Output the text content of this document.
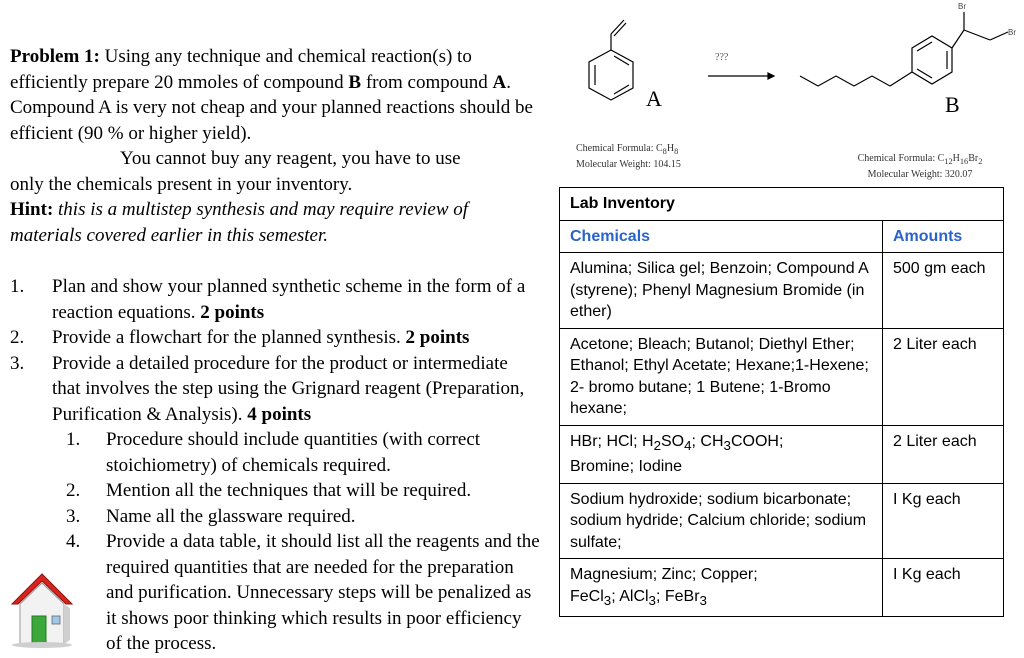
Problem 1: Using any technique and chemical reaction(s) to efficiently prepare 20 mmoles of compound B from compound A. Compound A is very not cheap and your planned reactions should be efficient (90 % or higher yield).

You cannot buy any reagent, you have to use

only the chemicals present in your inventory.

Hint: this is a multistep synthesis and may require review of materials covered earlier in this semester.

1. Plan and show your planned synthetic scheme in the form of a reaction equations. 2 points
2. Provide a flowchart for the planned synthesis. 2 points
3. Provide a detailed procedure for the product or intermediate that involves the step using the Grignard reagent (Preparation, Purification & Analysis). 4 points
1. Procedure should include quantities (with correct stoichiometry) of chemicals required.
2. Mention all the techniques that will be required.
3. Name all the glassware required.
4. Provide a data table, it should list all the reagents and the required quantities that are needed for the preparation and purification. Unnecessary steps will be penalized as it shows poor thinking which results in poor efficiency of the process.
Br
Br
???
A	B
Chemical Formula: $C_8H_8$
Molecular Weight: 104.15
Chemical Formula: $C_{12}H_{16}Br_2$
Molecular Weight: 320.07
Lab Inventory	
Chemicals	Amounts
Alumina; Silica gel; Benzoin; Compound A (styrene); Phenyl Magnesium Bromide (in ether)	500 gm each
Acetone; Bleach; Butanol; Diethyl Ether; Ethanol; Ethyl Acetate; Hexane;1-Hexene; 2- bromo butane; 1 Butene; 1-Bromo hexane;	2 Liter each
HBr; HCl; $H_2SO_4$; $CH_3COOH$;
Bromine; Iodine	2 Liter each
Sodium hydroxide; sodium bicarbonate; sodium hydride; Calcium chloride; sodium sulfate;	I Kg each
Magnesium; Zinc; Copper;
FeCl$_3$; AlCl$_3$; FeBr$_3$	I Kg each
